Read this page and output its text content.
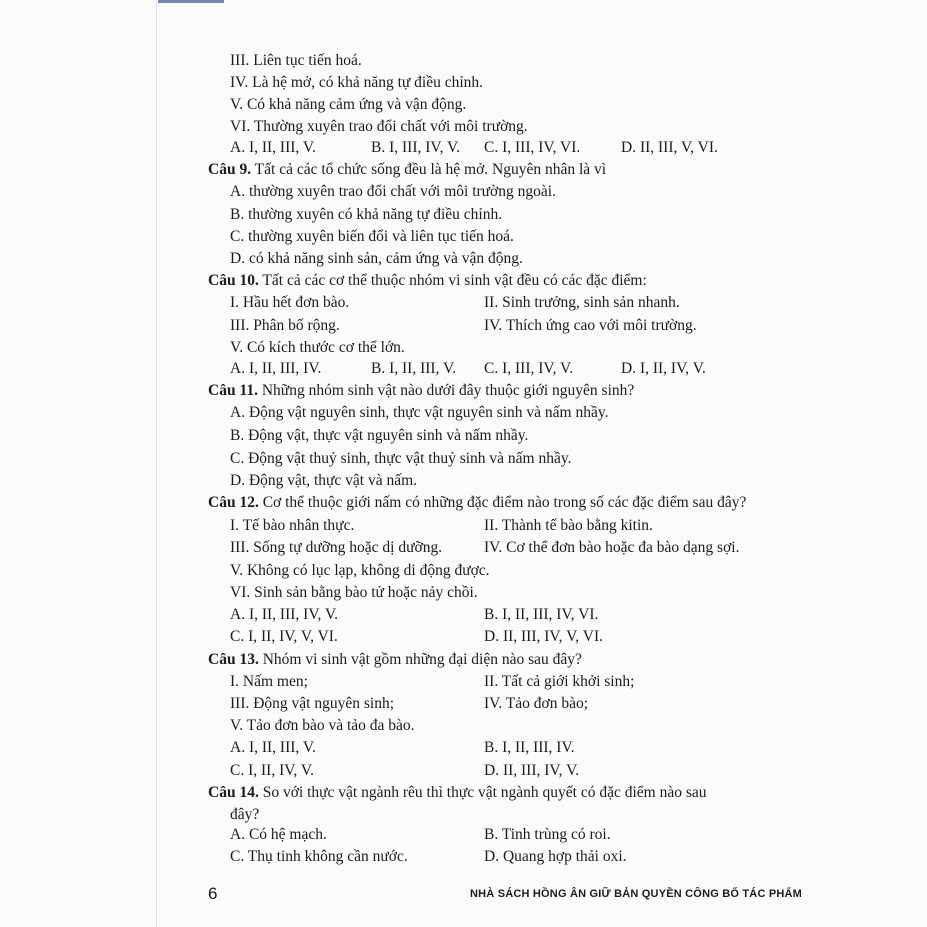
III. Liên tục tiến hoá.
IV. Là hệ mở, có khả năng tự điều chỉnh.
V. Có khả năng cảm ứng và vận động.
VI. Thường xuyên trao đổi chất với môi trường.
A. I, II, III, V.	B. I, III, IV, V. C. I, III, IV, VI.	D. II, III, V, VI.
Câu 9. Tất cả các tổ chức sống đều là hệ mở. Nguyên nhân là vì
A. thường xuyên trao đổi chất với môi trường ngoài.
B. thường xuyên có khả năng tự điều chỉnh.
C. thường xuyên biến đổi và liên tục tiến hoá.
D. có khả năng sinh sản, cảm ứng và vận động.
Câu 10. Tất cả các cơ thể thuộc nhóm vi sinh vật đều có các đặc điểm:
I. Hầu hết đơn bào.	II. Sinh trưởng, sinh sản nhanh.
III. Phân bố rộng.	IV. Thích ứng cao với môi trường.
V. Có kích thước cơ thể lớn.
A. I, II, III, IV.	B. I, II, III, V. C. I, III, IV, V.	D. I, II, IV, V.
Câu 11. Những nhóm sinh vật nào dưới đây thuộc giới nguyên sinh?
A. Động vật nguyên sinh, thực vật nguyên sinh và nấm nhầy.
B. Động vật, thực vật nguyên sinh và nấm nhầy.
C. Động vật thuỷ sinh, thực vật thuỷ sinh và nấm nhầy.
D. Động vật, thực vật và nấm.
Câu 12. Cơ thể thuộc giới nấm có những đặc điểm nào trong số các đặc điểm sau đây?
I. Tế bào nhân thực.	II. Thành tế bào bằng kitin.
III. Sống tự dưỡng hoặc dị dưỡng.	IV. Cơ thể đơn bào hoặc đa bào dạng sợi.
V. Không có lục lạp, không di động được.
VI. Sinh sản bằng bào tử hoặc nảy chồi.
A. I, II, III, IV, V.	B. I, II, III, IV, VI.
C. I, II, IV, V, VI.	D. II, III, IV, V, VI.
Câu 13. Nhóm vi sinh vật gồm những đại diện nào sau đây?
I. Nấm men;	II. Tất cả giới khởi sinh;
III. Động vật nguyên sinh;	IV. Tảo đơn bào;
V. Tảo đơn bào và tảo đa bào.
A. I, II, III, V.	B. I, II, III, IV.
C. I, II, IV, V.	D. II, III, IV, V.
Câu 14. So với thực vật ngành rêu thì thực vật ngành quyết có đặc điểm nào sau
đây?
A. Có hệ mạch.	B. Tinh trùng có roi.
C. Thụ tinh không cần nước.	D. Quang hợp thải oxi.
6	NHÀ SÁCH HỒNG ÂN GIỮ BẢN QUYỀN CÔNG BỐ TÁC PHẨM
